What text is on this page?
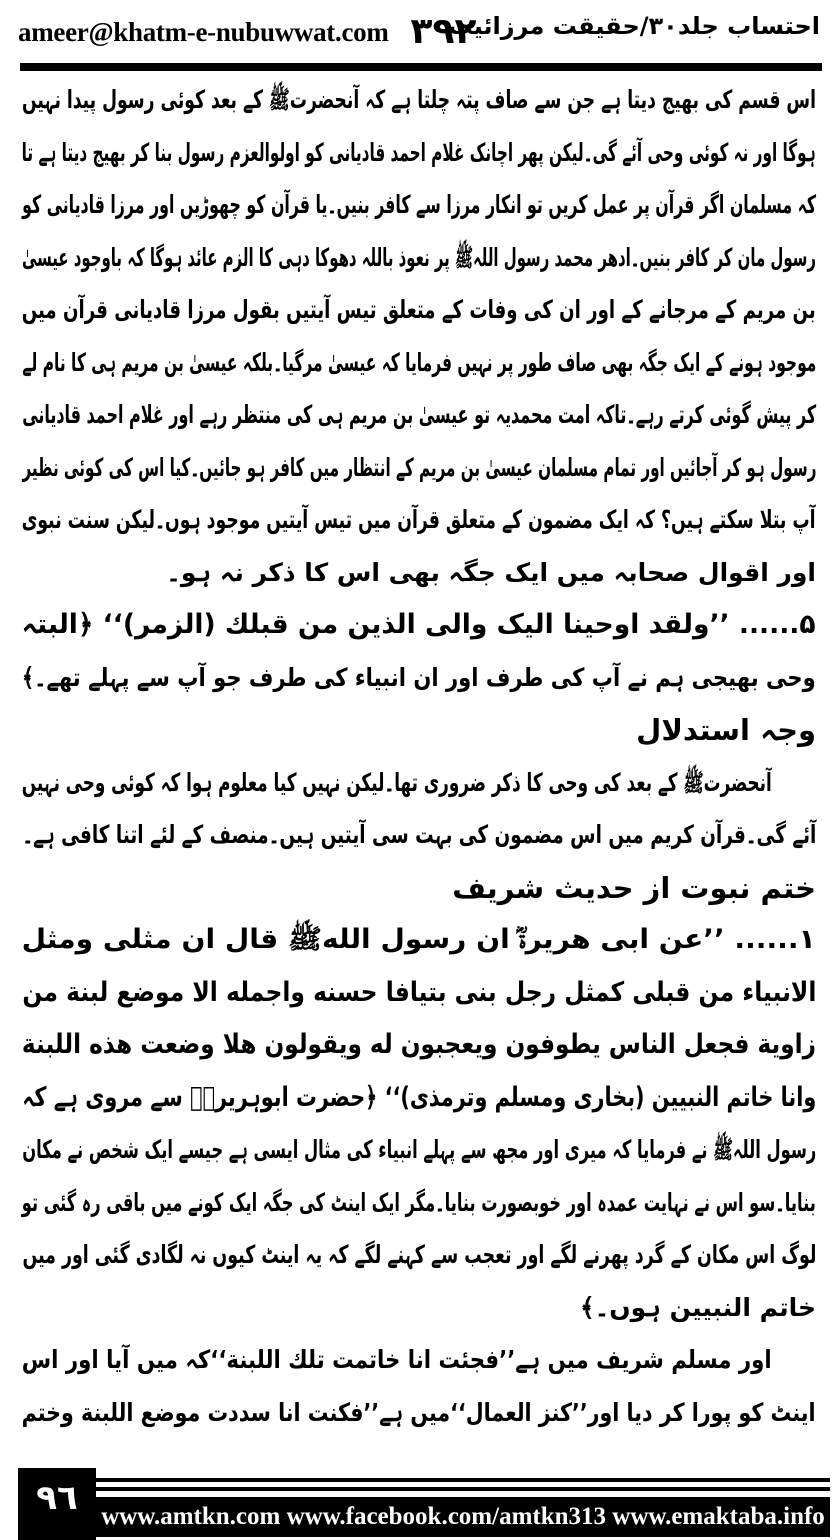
ameer@khatm-e-nubuwwat.com ٣٩٢
احتساب جلد۳۰/حقیقت مرزائیت
اس قسم کی بھیج دیتا ہے جن سے صاف پتہ چلتا ہے کہ آنحضرتﷺ کے بعد کوئی رسول پیدا نہیں
ہوگا اور نہ کوئی وحی آئے گی۔لیکن پھر اچانک غلام احمد قادیانی کو اولوالعزم رسول بنا کر بھیج دیتا ہے تا
کہ مسلمان اگر قرآن پر عمل کریں تو انکار مرزا سے کافر بنیں۔یا قرآن کو چھوڑیں اور مرزا قادیانی کو
رسول مان کر کافر بنیں۔ادھر محمد رسول اللہﷺ پر نعوذ باللہ دھوکا دہی کا الزم عائد ہوگا کہ باوجود عیسیٰ
بن مریم کے مرجانے کے اور ان کی وفات کے متعلق تیس آیتیں بقول مرزا قادیانی قرآن میں
موجود ہونے کے ایک جگہ بھی صاف طور پر نہیں فرمایا کہ عیسیٰ مرگیا۔بلکہ عیسیٰ بن مریم ہی کا نام لے
کر پیش گوئی کرتے رہے۔تاکہ امت محمدیہ تو عیسیٰ بن مریم ہی کی منتظر رہے اور غلام احمد قادیانی
رسول ہو کر آجائیں اور تمام مسلمان عیسیٰ بن مریم کے انتظار میں کافر ہو جائیں۔کیا اس کی کوئی نظیر
آپ بتلا سکتے ہیں؟ کہ ایک مضمون کے متعلق قرآن میں تیس آیتیں موجود ہوں۔لیکن سنت نبوی
اور اقوال صحابہ میں ایک جگہ بھی اس کا ذکر نہ ہو۔
۵...... ’’ولقد اوحینا الیک والی الذین من قبلك (الزمر)‘‘ ﴿البتہ
وحی بھیجی ہم نے آپ کی طرف اور ان انبیاء کی طرف جو آپ سے پہلے تھے۔﴾
وجہ استدلال
آنحضرتﷺ کے بعد کی وحی کا ذکر ضروری تھا۔لیکن نہیں کیا معلوم ہوا کہ کوئی وحی نہیں
آئے گی۔قرآن کریم میں اس مضمون کی بہت سی آیتیں ہیں۔منصف کے لئے اتنا کافی ہے۔
ختم نبوت از حدیث شریف
۱...... ’’عن ابی هریرةؓ ان رسول اللهﷺ قال ان مثلی ومثل
الانبیاء من قبلی کمثل رجل بنی بتیافا حسنه واجمله الا موضع لبنة من
زاوية فجعل الناس یطوفون ویعجبون له ویقولون هلا وضعت هذه اللبنة
وانا خاتم النبیین (بخاری ومسلم وترمذی)‘‘ ﴿حضرت ابوہریرہؓ سے مروی ہے کہ
رسول اللہﷺ نے فرمایا کہ میری اور مجھ سے پہلے انبیاء کی مثال ایسی ہے جیسے ایک شخص نے مکان
بنایا۔سو اس نے نہایت عمدہ اور خوبصورت بنایا۔مگر ایک اینٹ کی جگہ ایک کونے میں باقی رہ گئی تو
لوگ اس مکان کے گرد پھرنے لگے اور تعجب سے کہنے لگے کہ یہ اینٹ کیوں نہ لگادی گئی اور میں
خاتم النبیین ہوں۔﴾
اور مسلم شریف میں ہے’’فجئت انا خاتمت تلك اللبنة‘‘کہ میں آیا اور اس
اینٹ کو پورا کر دیا اور’’کنز العمال‘‘میں ہے’’فکنت انا سددت موضع اللبنة وختم
٩٦ www.amtkn.com www.facebook.com/amtkn313 www.emaktaba.info
